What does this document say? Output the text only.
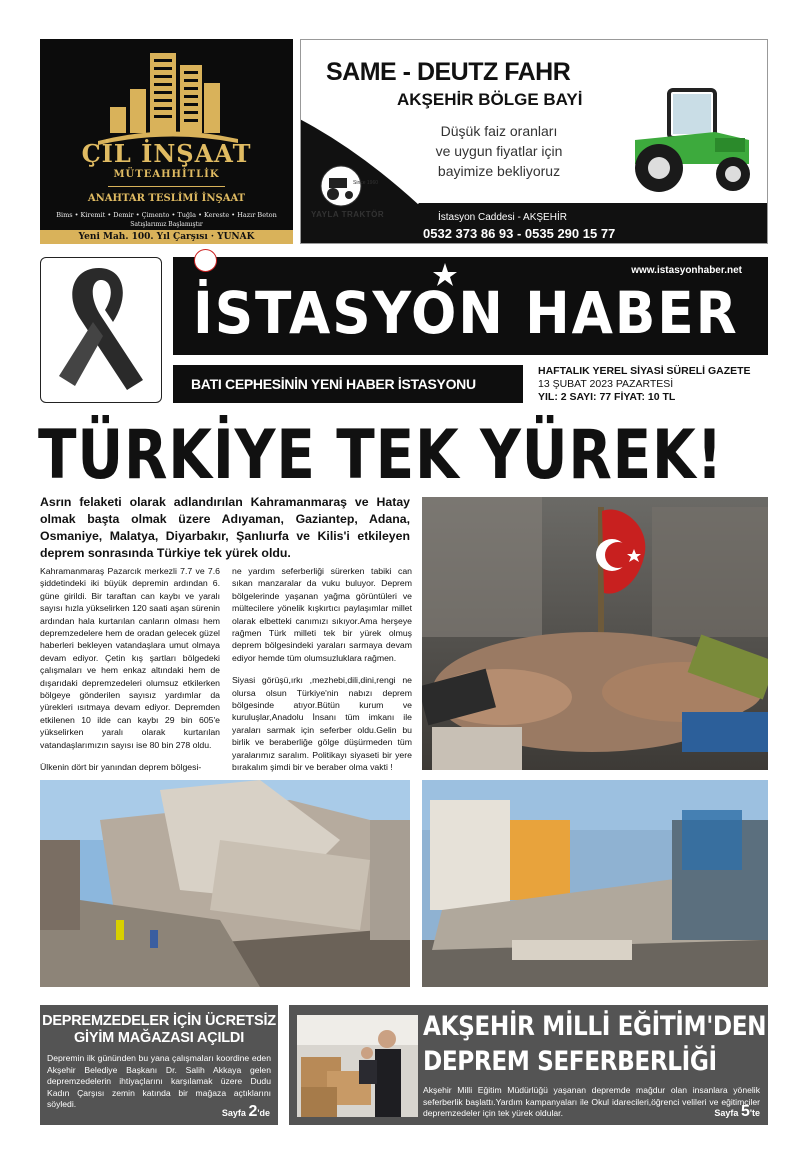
ÇİL İNŞAAT
MÜTEAHHİTLİK
ANAHTAR TESLİMİ İNŞAAT
Bims • Kiremit • Demir • Çimento • Tuğla • Kereste • Hazır Beton
Satışlarımız Başlamıştır
Yeni Mah. 100. Yıl Çarşısı · YUNAK
SAME - DEUTZ FAHR
AKŞEHİR BÖLGE BAYİ
Düşük faiz oranları
ve uygun fiyatlar için
bayimize bekliyoruz
YAYLA TRAKTÖR
Since 1960
İstasyon Caddesi - AKŞEHİR
0532 373 86 93 - 0535 290 15 77
www.istasyonhaber.net
İSTASYON HABER
BATI CEPHESİNİN YENİ HABER İSTASYONU
HAFTALIK YEREL SİYASİ SÜRELİ GAZETE
13 ŞUBAT 2023 PAZARTESİ
YIL: 2 SAYI: 77 FİYAT: 10 TL
TÜRKİYE TEK YÜREK!
Asrın felaketi olarak adlandırılan Kahramanmaraş ve Hatay olmak başta olmak üzere Adıyaman, Gaziantep, Adana, Osmaniye, Malatya, Diyarbakır, Şanlıurfa ve Kilis'i etkileyen deprem sonrasında Türkiye tek yürek oldu.

Kahramanmaraş Pazarcık merkezli 7.7 ve 7.6 şiddetindeki iki büyük depremin ardından 6. güne girildi. Bir taraftan can kaybı ve yaralı sayısı hızla yükselirken 120 saati aşan sürenin ardından hala kurtarılan canların olması hem depremzedelere hem de oradan gelecek güzel haberleri bekleyen vatandaşlara umut olmaya devam ediyor. Çetin kış şartları bölgedeki çalışmaları ve hem enkaz altındaki hem de dışarıdaki depremzedeleri olumsuz etkilerken bölgeye gönderilen sayısız yardımlar da yürekleri ısıtmaya devam ediyor. Depremden etkilenen 10 ilde can kaybı 29 bin 605'e yükselirken yaralı olarak kurtarılan vatandaşlarımızın sayısı ise 80 bin 278 oldu.

Ülkenin dört bir yanından deprem bölgesi-

ne yardım seferberliği sürerken tabiki can sıkan manzaralar da vuku buluyor. Deprem bölgelerinde yaşanan yağma görüntüleri ve mültecilere yönelik kışkırtıcı paylaşımlar millet olarak elbetteki canımızı sıkıyor.Ama herşeye rağmen Türk milleti tek bir yürek olmuş deprem bölgesindeki yaraları sarmaya devam ediyor hemde tüm olumsuzluklara rağmen.

Siyasi görüşü,ırkı ,mezhebi,dili,dini,rengi ne olursa olsun Türkiye'nin nabızı deprem bölgesinde atıyor.Bütün kurum ve kuruluşlar,Anadolu İnsanı tüm imkanı ile yaraları sarmak için seferber oldu.Gelin bu birlik ve beraberliğe gölge düşürmeden tüm yaralarımız saralım. Politikayı siyaseti bir yere bırakalım şimdi bir ve beraber olma vakti !

DEPREMZEDELER İÇİN ÜCRETSİZ
GİYİM MAĞAZASI AÇILDI
Depremin ilk gününden bu yana çalışmaları koordine eden Akşehir Belediye Başkanı Dr. Salih Akkaya gelen depremzedelerin ihtiyaçlarını karşılamak üzere Dudu Kadın Çarşısı zemin katında bir mağaza açtıklarını söyledi.
Sayfa 2'de
AKŞEHİR MİLLİ EĞİTİM'DEN
DEPREM SEFERBERLİĞİ
Akşehir Milli Eğitim Müdürlüğü yaşanan depremde mağdur olan insanlara yönelik seferberlik başlattı.Yardım kampanyaları ile Okul idarecileri,öğrenci velileri ve eğitimciler depremzedeler için tek yürek oldular.	Sayfa 5'te
